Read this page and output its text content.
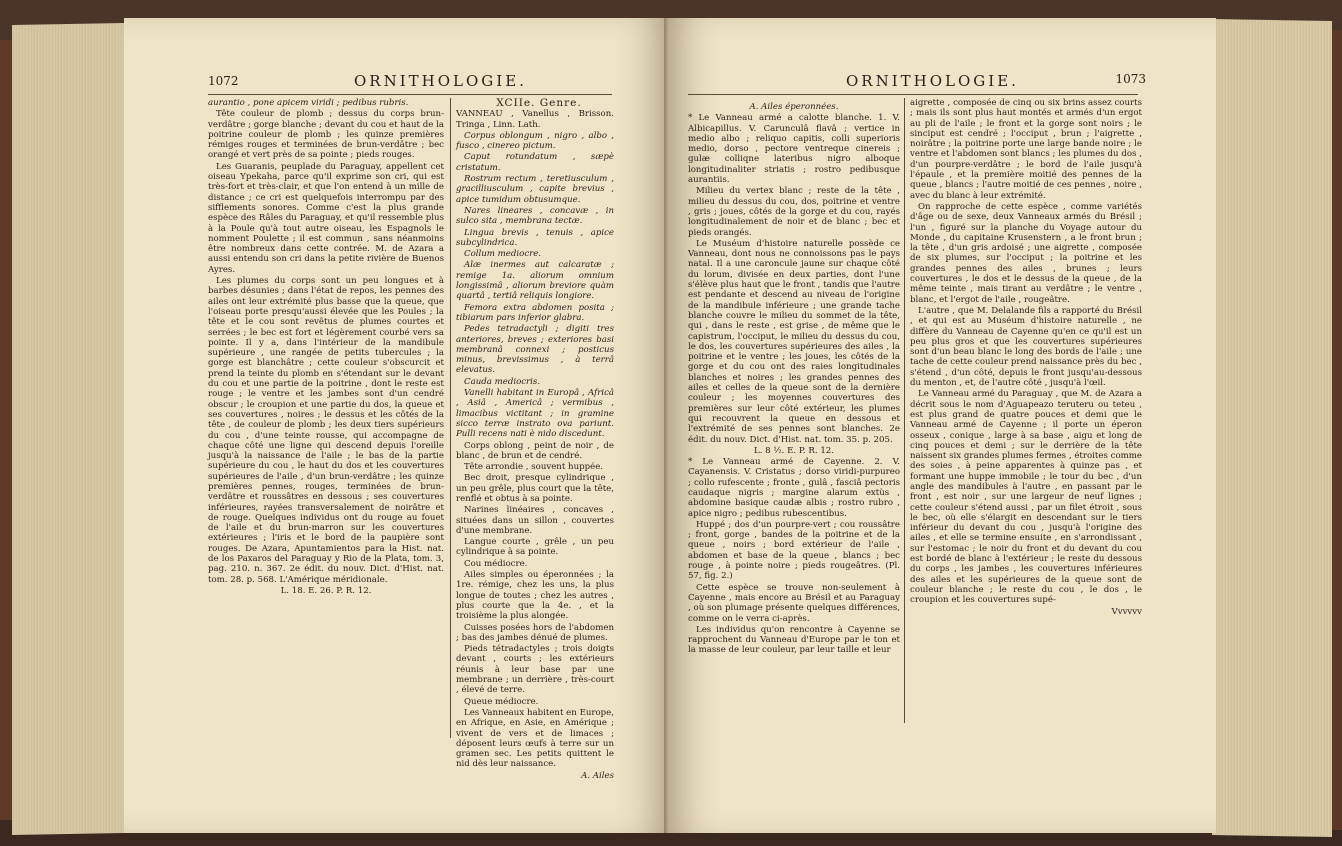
1072	ORNITHOLOGIE.

aurantio , pone apicem viridi ; pedibus rubris.

Tête couleur de plomb ; dessus du corps brun-verdâtre ; gorge blanche ; devant du cou et haut de la poitrine couleur de plomb ; les quinze premières rémiges rouges et terminées de brun-verdâtre ; bec orangé et vert près de sa pointe ; pieds rouges.

Les Guaranis, peuplade du Paraguay, appellent cet oiseau Ypekaha, parce qu'il exprime son cri, qui est très-fort et très-clair, et que l'on entend à un mille de distance ; ce cri est quelquefois interrompu par des sifflements sonores. Comme c'est la plus grande espèce des Râles du Paraguay, et qu'il ressemble plus à la Poule qu'à tout autre oiseau, les Espagnols le nomment Poulette ; il est commun , sans néanmoins être nombreux dans cette contrée. M. de Azara a aussi entendu son cri dans la petite rivière de Buenos Ayres.

Les plumes du corps sont un peu longues et à barbes désunies ; dans l'état de repos, les pennes des ailes ont leur extrémité plus basse que la queue, que l'oiseau porte presqu'aussi élevée que les Poules ; la tête et le cou sont revêtus de plumes courtes et serrées ; le bec est fort et légèrement courbé vers sa pointe. Il y a, dans l'intérieur de la mandibule supérieure , une rangée de petits tubercules ; la gorge est blanchâtre ; cette couleur s'obscurcit et prend la teinte du plomb en s'étendant sur le devant du cou et une partie de la poitrine , dont le reste est rouge ; le ventre et les jambes sont d'un cendré obscur ; le croupion et une partie du dos, la queue et ses couvertures , noires ; le dessus et les côtés de la tête , de couleur de plomb ; les deux tiers supérieurs du cou , d'une teinte rousse, qui accompagne de chaque côté une ligne qui descend depuis l'oreille jusqu'à la naissance de l'aile ; le bas de la partie supérieure du cou , le haut du dos et les couvertures supérieures de l'aile , d'un brun-verdâtre ; les quinze premières pennes, rouges, terminées de brun-verdâtre et roussâtres en dessous ; ses couvertures inférieures, rayées transversalement de noirâtre et de rouge. Quelques individus ont du rouge au fouet de l'aile et du brun-marron sur les couvertures extérieures ; l'iris et le bord de la paupière sont rouges. De Azara, Apuntamientos para la Hist. nat. de los Paxaros del Paraguay y Rio de la Plata, tom. 3, pag. 210. n. 367. 2e édit. du nouv. Dict. d'Hist. nat. tom. 28. p. 568. L'Amérique méridionale.

L. 18. E. 26. P. R. 12.

XCIIe. Genre.

VANNEAU , Vanellus , Brisson. Tringa , Linn. Lath.

Corpus oblongum , nigro , albo , fusco , cinereo pictum.

Caput rotundatum , sæpè cristatum.

Rostrum rectum , teretiusculum , gracilliusculum , capite brevius , apice tumidum obtusumque.

Nares lineares , concavæ , in sulco sita , membrana tectæ.

Lingua brevis , tenuis , apice subcylindrica.

Collum mediocre.

Alæ inermes aut calcaratæ ; remige 1a. aliorum omnium longissimâ , aliorum breviore quàm quartâ , tertiâ reliquis longiore.

Femora extra abdomen posita ; tibiarum pars inferior glabra.

Pedes tetradactyli ; digiti tres anteriores, breves ; exteriores basi membranâ connexi ; posticus minus, brevissimus , à terrâ elevatus.

Cauda mediocris.

Vanelli habitant in Europâ , Africâ , Asiâ , Americâ ; vermibus , limacibus victitant ; in gramine sicco terræ instrato ova pariunt. Pulli recens nati è nido discedunt.

Corps oblong , peint de noir , de blanc , de brun et de cendré.

Tête arrondie , souvent huppée.

Bec droit, presque cylindrique , un peu grêle, plus court que la tête, renflé et obtus à sa pointe.

Narines linéaires , concaves , situées dans un sillon , couvertes d'une membrane.

Langue courte , grêle , un peu cylindrique à sa pointe.

Cou médiocre.

Ailes simples ou éperonnées ; la 1re. rémige, chez les uns, la plus longue de toutes ; chez les autres , plus courte que la 4e. , et la troisième la plus alongée.

Cuisses posées hors de l'abdomen ; bas des jambes dénué de plumes.

Pieds tétradactyles ; trois doigts devant , courts ; les extérieurs réunis à leur base par une membrane ; un derrière , très-court , élevé de terre.

Queue médiocre.

Les Vanneaux habitent en Europe, en Afrique, en Asie, en Amérique ; vivent de vers et de limaces ; déposent leurs œufs à terre sur un gramen sec. Les petits quittent le nid dès leur naissance.

A. Ailes

ORNITHOLOGIE.	1073

A. Ailes éperonnées.

* Le Vanneau armé a calotte blanche. 1. V. Albicapillus. V. Carunculâ flavâ ; vertice in medio albo ; reliquo capitis, colli superioris medio, dorso , pectore ventreque cinereis ; gulæ colliqne lateribus nigro alboque longitudinaliter striatis ; rostro pedibusque aurantiis.

Milieu du vertex blanc ; reste de la tête , milieu du dessus du cou, dos, poitrine et ventre , gris ; joues, côtés de la gorge et du cou, rayés longitudinalement de noir et de blanc ; bec et pieds orangés.

Le Muséum d'histoire naturelle possède ce Vanneau, dont nous ne connoissons pas le pays natal. Il a une caroncule jaune sur chaque côté du lorum, divisée en deux parties, dont l'une s'élève plus haut que le front , tandis que l'autre est pendante et descend au niveau de l'origine de la mandibule inférieure ; une grande tache blanche couvre le milieu du sommet de la tête, qui , dans le reste , est grise , de même que le capistrum, l'occiput, le milieu du dessus du cou, le dos, les couvertures supérieures des ailes , la poitrine et le ventre ; les joues, les côtés de la gorge et du cou ont des raies longitudinales blanches et noires ; les grandes pennes des ailes et celles de la queue sont de la dernière couleur ; les moyennes couvertures des premières sur leur côté extérieur, les plumes qui recouvrent la queue en dessous et l'extrémité de ses pennes sont blanches. 2e édit. du nouv. Dict. d'Hist. nat. tom. 35. p. 205.

L. 8 ½. E. P. R. 12.

* Le Vanneau armé de Cayenne. 2. V. Cayanensis. V. Cristatus ; dorso viridi-purpureo ; collo rufescente ; fronte , gulâ , fasciâ pectoris caudaque nigris ; margine alarum extùs , abdomine basique caudæ albis ; rostro rubro , apice nigro ; pedibus rubescentibus.

Huppé ; dos d'un pourpre-vert ; cou roussâtre ; front, gorge , bandes de la poitrine et de la queue , noirs ; bord extérieur de l'aile , abdomen et base de la queue , blancs ; bec rouge , à pointe noire ; pieds rougeâtres. (Pl. 57, fig. 2.)

Cette espèce se trouve non-seulement à Cayenne , mais encore au Brésil et au Paraguay , où son plumage présente quelques différences, comme on le verra ci-après.

Les individus qu'on rencontre à Cayenne se rapprochent du Vanneau d'Europe par le ton et la masse de leur couleur, par leur taille et leur

aigrette , composée de cinq ou six brins assez courts ; mais ils sont plus haut montés et armés d'un ergot au pli de l'aile ; le front et la gorge sont noirs ; le sinciput est cendré ; l'occiput , brun ; l'aigrette , noirâtre ; la poitrine porte une large bande noire ; le ventre et l'abdomen sont blancs ; les plumes du dos , d'un pourpre-verdâtre ; le bord de l'aile jusqu'à l'épaule , et la première moitié des pennes de la queue , blancs ; l'autre moitié de ces pennes , noire , avec du blanc à leur extrémité.

On rapproche de cette espèce , comme variétés d'âge ou de sexe, deux Vanneaux armés du Brésil ; l'un , figuré sur la planche du Voyage autour du Monde , du capitaine Krusenstern , a le front brun ; la tête , d'un gris ardoisé ; une aigrette , composée de six plumes, sur l'occiput ; la poitrine et les grandes pennes des ailes , brunes ; leurs couvertures , le dos et le dessus de la queue , de la même teinte , mais tirant au verdâtre ; le ventre , blanc, et l'ergot de l'aile , rougeâtre.

L'autre , que M. Delalande fils a rapporté du Brésil , et qui est au Muséum d'histoire naturelle , ne diffère du Vanneau de Cayenne qu'en ce qu'il est un peu plus gros et que les couvertures supérieures sont d'un beau blanc le long des bords de l'aile ; une tache de cette couleur prend naissance près du bec , s'étend , d'un côté, depuis le front jusqu'au-dessous du menton , et, de l'autre côté , jusqu'à l'œil.

Le Vanneau armé du Paraguay , que M. de Azara a décrit sous le nom d'Aguapeazo teruteru ou teteu , est plus grand de quatre pouces et demi que le Vanneau armé de Cayenne ; il porte un éperon osseux , conique , large à sa base , aigu et long de cinq pouces et demi ; sur le derrière de la tête naissent six grandes plumes fermes , étroites comme des soies , à peine apparentes à quinze pas , et formant une huppe immobile ; le tour du bec , d'un angle des mandibules à l'autre , en passant par le front , est noir , sur une largeur de neuf lignes ; cette couleur s'étend aussi , par un filet étroit , sous le bec, où elle s'élargit en descendant sur le tiers inférieur du devant du cou , jusqu'à l'origine des ailes , et elle se termine ensuite , en s'arrondissant , sur l'estomac ; le noir du front et du devant du cou est bordé de blanc à l'extérieur ; le reste du dessous du corps , les jambes , les couvertures inférieures des ailes et les supérieures de la queue sont de couleur blanche ; le reste du cou , le dos , le croupion et les couvertures supé-

Vvvvvv
